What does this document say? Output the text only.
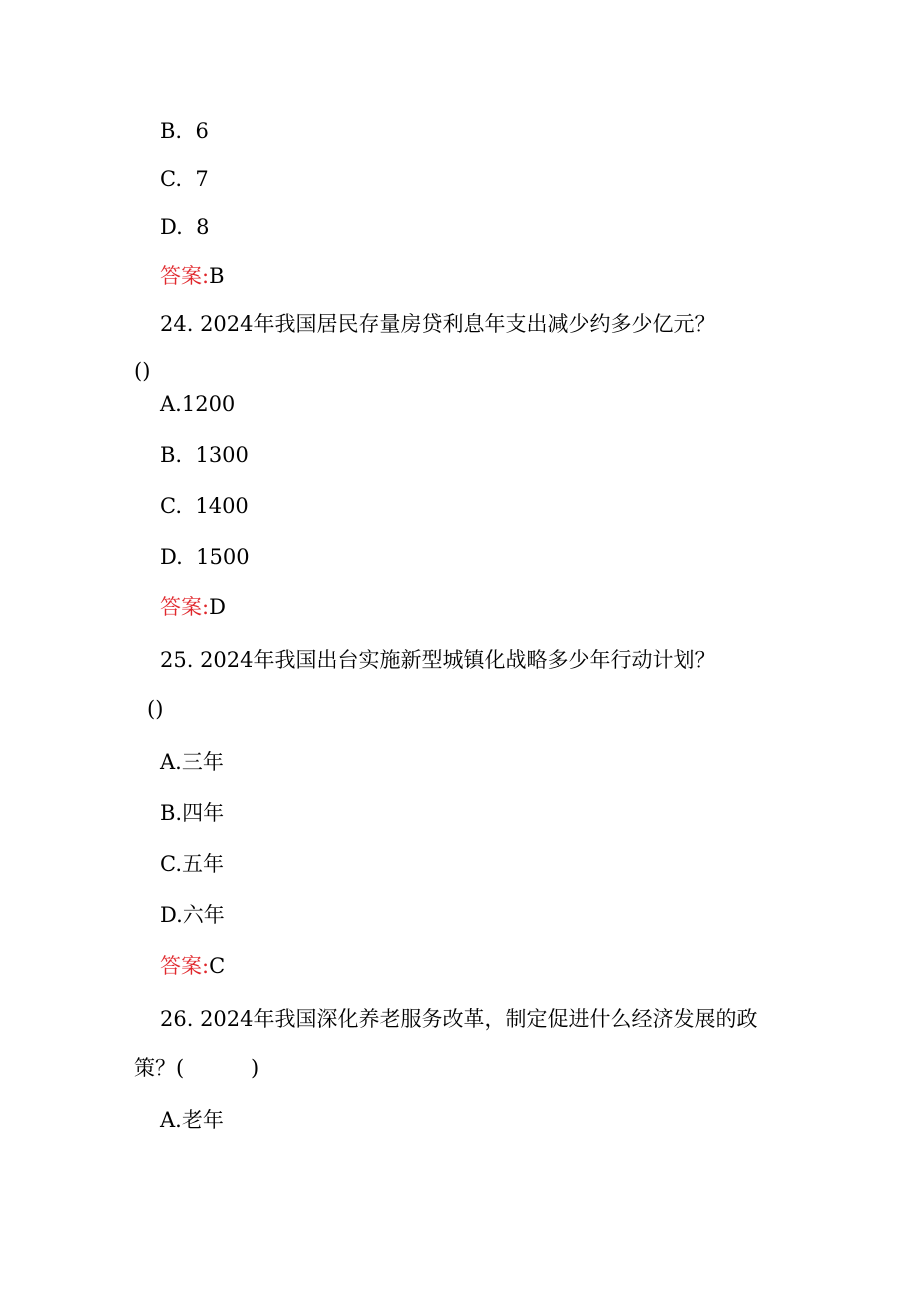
B.  6
C.  7
D.  8
答案:B
24. 2024年我国居民存量房贷利息年支出减少约多少亿元？
()
A.1200
B.  1300
C.  1400
D.  1500
答案:D
25. 2024年我国出台实施新型城镇化战略多少年行动计划？
()
A.三年
B.四年
C.五年
D.六年
答案:C
26. 2024年我国深化养老服务改革，制定促进什么经济发展的政
策？(          )
A.老年
